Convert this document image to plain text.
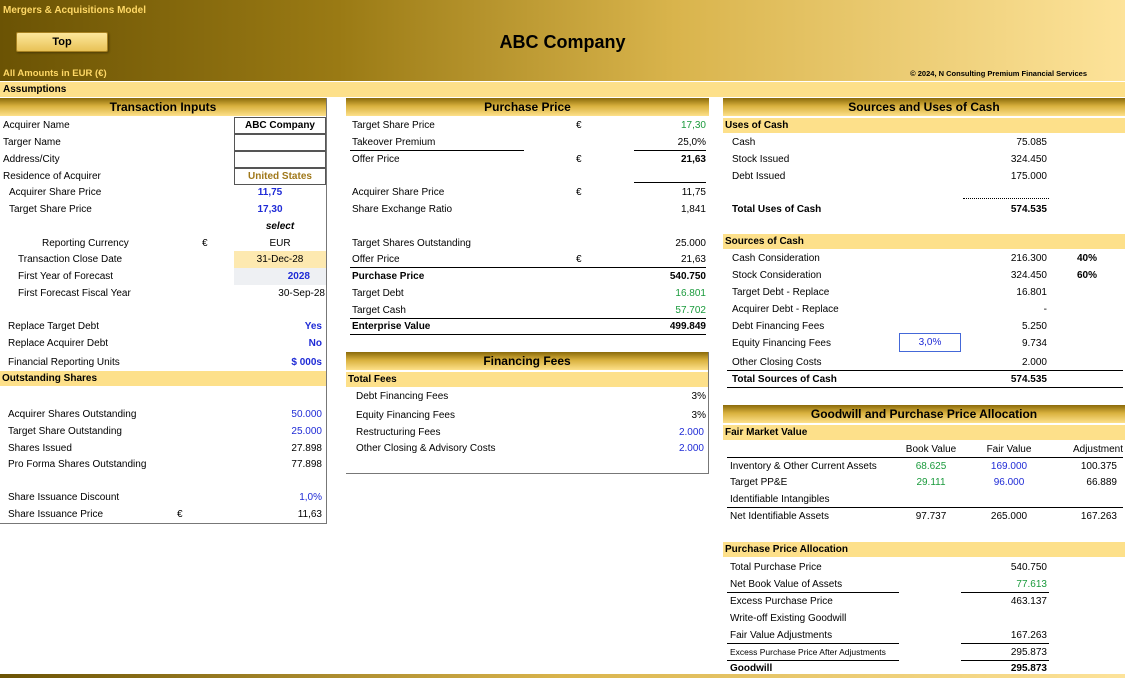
Mergers & Acquisitions Model
Top	ABC Company
All Amounts in EUR (€)	© 2024, N Consulting Premium Financial Services
Assumptions
Transaction Inputs
Acquirer Name	ABC Company
Targer Name
Address/City
Residence of Acquirer	United States
Acquirer Share Price	11,75
Target Share Price	17,30
select
Reporting Currency	€	EUR
Transaction Close Date	31-Dec-28
First Year of Forecast	2028
First Forecast Fiscal Year	30-Sep-28
Replace Target Debt	Yes
Replace Acquirer Debt	No
Financial Reporting Units	$ 000s
Outstanding Shares
Acquirer Shares Outstanding	50.000
Target Share Outstanding	25.000
Shares Issued	27.898
Pro Forma Shares Outstanding	77.898
Share Issuance Discount	1,0%
Share Issuance Price	€	11,63
Purchase Price
Target Share Price	€	17,30
Takeover Premium	25,0%
Offer Price	€	21,63
Acquirer Share Price	€	11,75
Share Exchange Ratio	1,841
Target Shares Outstanding	25.000
Offer Price	€	21,63
Purchase Price	540.750
Target Debt	16.801
Target Cash	57.702
Enterprise Value	499.849
Financing Fees
Total Fees
Debt Financing Fees	3%
Equity Financing Fees	3%
Restructuring Fees	2.000
Other Closing & Advisory Costs	2.000
Sources and Uses of Cash
Uses of Cash
Cash	75.085
Stock Issued	324.450
Debt Issued	175.000
Total Uses of Cash	574.535
Sources of Cash
Cash Consideration	216.300	40%
Stock Consideration	324.450	60%
Target Debt - Replace	16.801
Acquirer Debt - Replace	-
Debt Financing Fees	5.250
Equity Financing Fees	3,0%	9.734
Other Closing Costs	2.000
Total Sources of Cash	574.535
Goodwill and Purchase Price Allocation
Fair Market Value
Book Value	Fair Value	Adjustment
Inventory & Other Current Assets	68.625	169.000	100.375
Target PP&E	29.111	96.000	66.889
Identifiable Intangibles
Net Identifiable Assets	97.737	265.000	167.263
Purchase Price Allocation
Total Purchase Price	540.750
Net Book Value of Assets	77.613
Excess Purchase Price	463.137
Write-off Existing Goodwill
Fair Value Adjustments	167.263
Excess Purchase Price After Adjustments	295.873
Goodwill	295.873
